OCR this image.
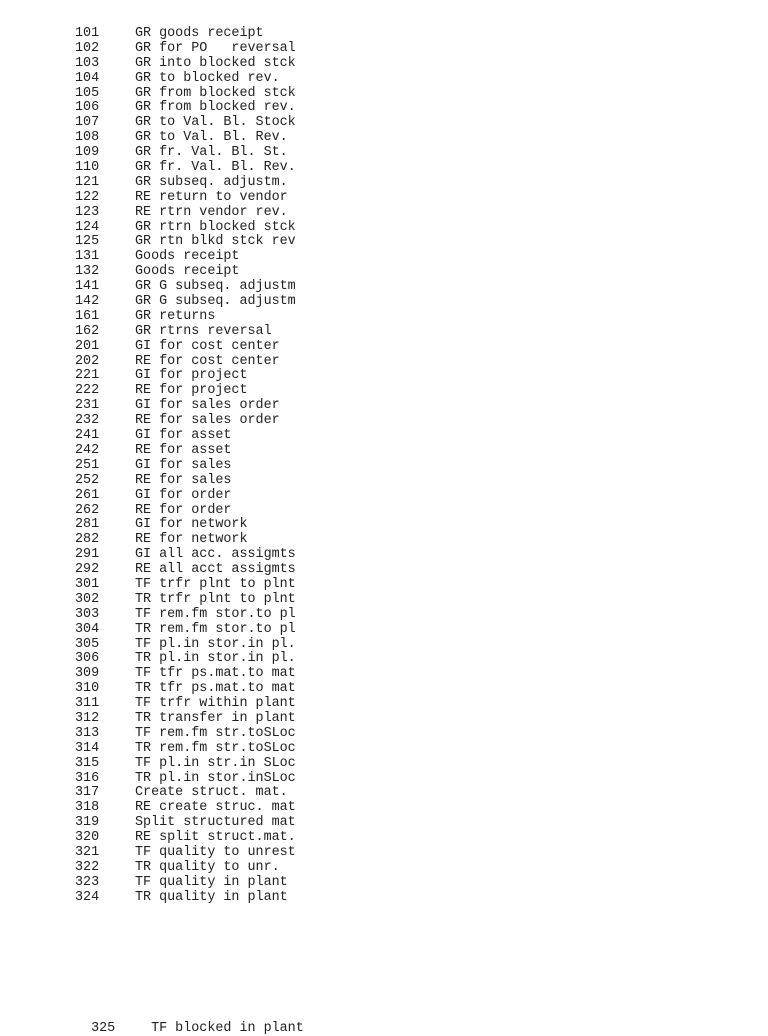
101	GR goods receipt
102	GR for PO   reversal
103	GR into blocked stck
104	GR to blocked rev.
105	GR from blocked stck
106	GR from blocked rev.
107	GR to Val. Bl. Stock
108	GR to Val. Bl. Rev.
109	GR fr. Val. Bl. St.
110	GR fr. Val. Bl. Rev.
121	GR subseq. adjustm.
122	RE return to vendor
123	RE rtrn vendor rev.
124	GR rtrn blocked stck
125	GR rtn blkd stck rev
131	Goods receipt
132	Goods receipt
141	GR G subseq. adjustm
142	GR G subseq. adjustm
161	GR returns
162	GR rtrns reversal
201	GI for cost center
202	RE for cost center
221	GI for project
222	RE for project
231	GI for sales order
232	RE for sales order
241	GI for asset
242	RE for asset
251	GI for sales
252	RE for sales
261	GI for order
262	RE for order
281	GI for network
282	RE for network
291	GI all acc. assigmts
292	RE all acct assigmts
301	TF trfr plnt to plnt
302	TR trfr plnt to plnt
303	TF rem.fm stor.to pl
304	TR rem.fm stor.to pl
305	TF pl.in stor.in pl.
306	TR pl.in stor.in pl.
309	TF tfr ps.mat.to mat
310	TR tfr ps.mat.to mat
311	TF trfr within plant
312	TR transfer in plant
313	TF rem.fm str.toSLoc
314	TR rem.fm str.toSLoc
315	TF pl.in str.in SLoc
316	TR pl.in stor.inSLoc
317	Create struct. mat.
318	RE create struc. mat
319	Split structured mat
320	RE split struct.mat.
321	TF quality to unrest
322	TR quality to unr.
323	TF quality in plant
324	TR quality in plant

325	TF blocked in plant
